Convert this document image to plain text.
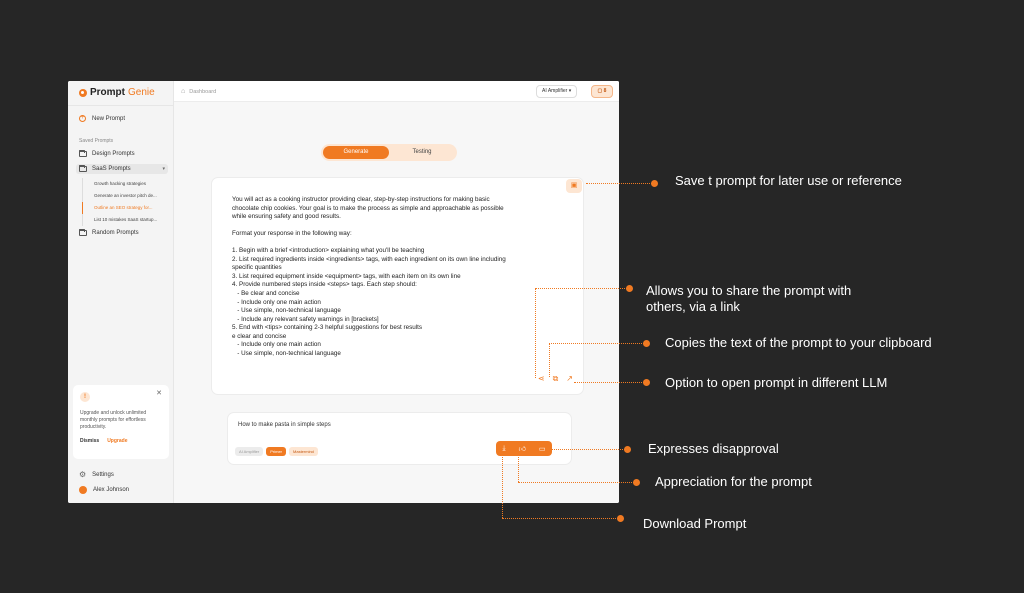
Prompt Genie
+ New Prompt
Saved Prompts
Design Prompts
SaaS Prompts	▾
Growth hacking strategies
Generate an investor pitch de...
Outline an SEO strategy for...
List 10 mistakes SaaS startup...
Random Prompts
!	✕
Upgrade and unlock unlimited monthly prompts for effortless productivity.
Dismiss Upgrade
⚙ Settings
Alex Johnson
⌂ Dashboard	AI Amplifier ▾	▢ 8
Generate	Testing
▣
You will act as a cooking instructor providing clear, step-by-step instructions for making basic
chocolate chip cookies. Your goal is to make the process as simple and approachable as possible
while ensuring safety and good results.

Format your response in the following way:

1. Begin with a brief <introduction> explaining what you'll be teaching
2. List required ingredients inside <ingredients> tags, with each ingredient on its own line including
specific quantities
3. List required equipment inside <equipment> tags, with each item on its own line
4. Provide numbered steps inside <steps> tags. Each step should:
- Be clear and concise
- Include only one main action
- Use simple, non-technical language
- Include any relevant safety warnings in [brackets]
5. End with <tips> containing 2-3 helpful suggestions for best results
e clear and concise
- Include only one main action
- Use simple, non-technical language
⋖ ⧉ ↗
How to make pasta in simple steps
AI Amplifier	Primer	Mastermind	⤓ 👍︎ ▭
Save t prompt for later use or reference
Allows you to share the prompt with others, via a link
Copies the text of the prompt to your clipboard
Option to open prompt in different LLM
Expresses disapproval
Appreciation for the prompt
Download Prompt
